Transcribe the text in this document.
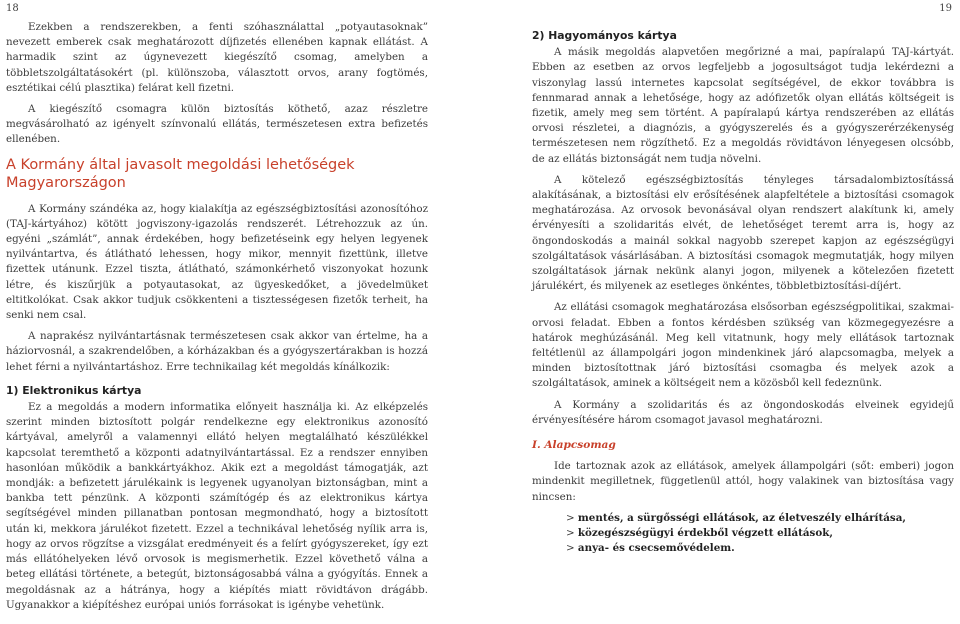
18	19

Ezekben a rendszerekben, a fenti szóhasználattal „potyautasoknak” nevezett emberek csak meghatározott díjfizetés ellenében kapnak ellátást. A harmadik szint az úgynevezett kiegészítő csomag, amelyben a többletszolgáltatásokért (pl. különszoba, választott orvos, arany fogtömés, esztétikai célú plasztika) felárat kell fizetni.

A kiegészítő csomagra külön biztosítás köthető, azaz részletre megvásárolható az igényelt színvonalú ellátás, természetesen extra befizetés ellenében.

A Kormány által javasolt megoldási lehetőségek Magyarországon

A Kormány szándéka az, hogy kialakítja az egészségbiztosítási azonosítóhoz (TAJ-kártyához) kötött jogviszony-igazolás rendszerét. Létrehozzuk az ún. egyéni „számlát”, annak érdekében, hogy befizetéseink egy helyen legyenek nyilvántartva, és átlátható lehessen, hogy mikor, mennyit fizettünk, illetve fizettek utánunk. Ezzel tiszta, átlátható, számonkérhető viszonyokat hozunk létre, és kiszűrjük a potyautasokat, az ügyeskedőket, a jövedelmüket eltitkolókat. Csak akkor tudjuk csökkenteni a tisztességesen fizetők terheit, ha senki nem csal.

A naprakész nyilvántartásnak természetesen csak akkor van értelme, ha a háziorvosnál, a szakrendelőben, a kórházakban és a gyógyszertárakban is hozzá lehet férni a nyilvántartáshoz. Erre technikailag két megoldás kínálkozik:

1) Elektronikus kártya

Ez a megoldás a modern informatika előnyeit használja ki. Az elképzelés szerint minden biztosított polgár rendelkezne egy elektronikus azonosító kártyával, amelyről a valamennyi ellátó helyen megtalálható készülékkel kapcsolat teremthető a központi adatnyilvántartással. Ez a rendszer ennyiben hasonlóan működik a bankkártyákhoz. Akik ezt a megoldást támogatják, azt mondják: a befizetett járulékaink is legyenek ugyanolyan biztonságban, mint a bankba tett pénzünk. A központi számítógép és az elektronikus kártya segítségével minden pillanatban pontosan megmondható, hogy a biztosított után ki, mekkora járulékot fizetett. Ezzel a technikával lehetőség nyílik arra is, hogy az orvos rögzítse a vizsgálat eredményeit és a felírt gyógyszereket, így ezt más ellátóhelyeken lévő orvosok is megismerhetik. Ezzel követhető válna a beteg ellátási története, a betegút, biztonságosabbá válna a gyógyítás. Ennek a megoldásnak az a hátránya, hogy a kiépítés miatt rövidtávon drágább. Ugyanakkor a kiépítéshez európai uniós forrásokat is igénybe vehetünk.

2) Hagyományos kártya

A másik megoldás alapvetően megőrizné a mai, papíralapú TAJ-kártyát. Ebben az esetben az orvos legfeljebb a jogosultságot tudja lekérdezni a viszonylag lassú internetes kapcsolat segítségével, de ekkor továbbra is fennmarad annak a lehetősége, hogy az adófizetők olyan ellátás költségeit is fizetik, amely meg sem történt. A papíralapú kártya rendszerében az ellátás orvosi részletei, a diagnózis, a gyógyszerelés és a gyógyszerérzékenység természetesen nem rögzíthető. Ez a megoldás rövidtávon lényegesen olcsóbb, de az ellátás biztonságát nem tudja növelni.

A kötelező egészségbiztosítás tényleges társadalombiztosítássá alakításának, a biztosítási elv erősítésének alapfeltétele a biztosítási csomagok meghatározása. Az orvosok bevonásával olyan rendszert alakítunk ki, amely érvényesíti a szolidaritás elvét, de lehetőséget teremt arra is, hogy az öngondoskodás a mainál sokkal nagyobb szerepet kapjon az egészségügyi szolgáltatások vásárlásában. A biztosítási csomagok megmutatják, hogy milyen szolgáltatások járnak nekünk alanyi jogon, milyenek a kötelezően fizetett járulékért, és milyenek az esetleges önkéntes, többletbiztosítási-díjért.

Az ellátási csomagok meghatározása elsősorban egészségpolitikai, szakmai-orvosi feladat. Ebben a fontos kérdésben szükség van közmegegyezésre a határok meghúzásánál. Meg kell vitatnunk, hogy mely ellátások tartoznak feltétlenül az állampolgári jogon mindenkinek járó alapcsomagba, melyek a minden biztosítottnak járó biztosítási csomagba és melyek azok a szolgáltatások, aminek a költségeit nem a közösből kell fedeznünk.

A Kormány a szolidaritás és az öngondoskodás elveinek egyidejű érvényesítésére három csomagot javasol meghatározni.

I. Alapcsomag

Ide tartoznak azok az ellátások, amelyek állampolgári (sőt: emberi) jogon mindenkit megilletnek, függetlenül attól, hogy valakinek van biztosítása vagy nincsen:

> mentés, a sürgősségi ellátások, az életveszély elhárítása,
> közegészségügyi érdekből végzett ellátások,
> anya- és csecsemővédelem.
